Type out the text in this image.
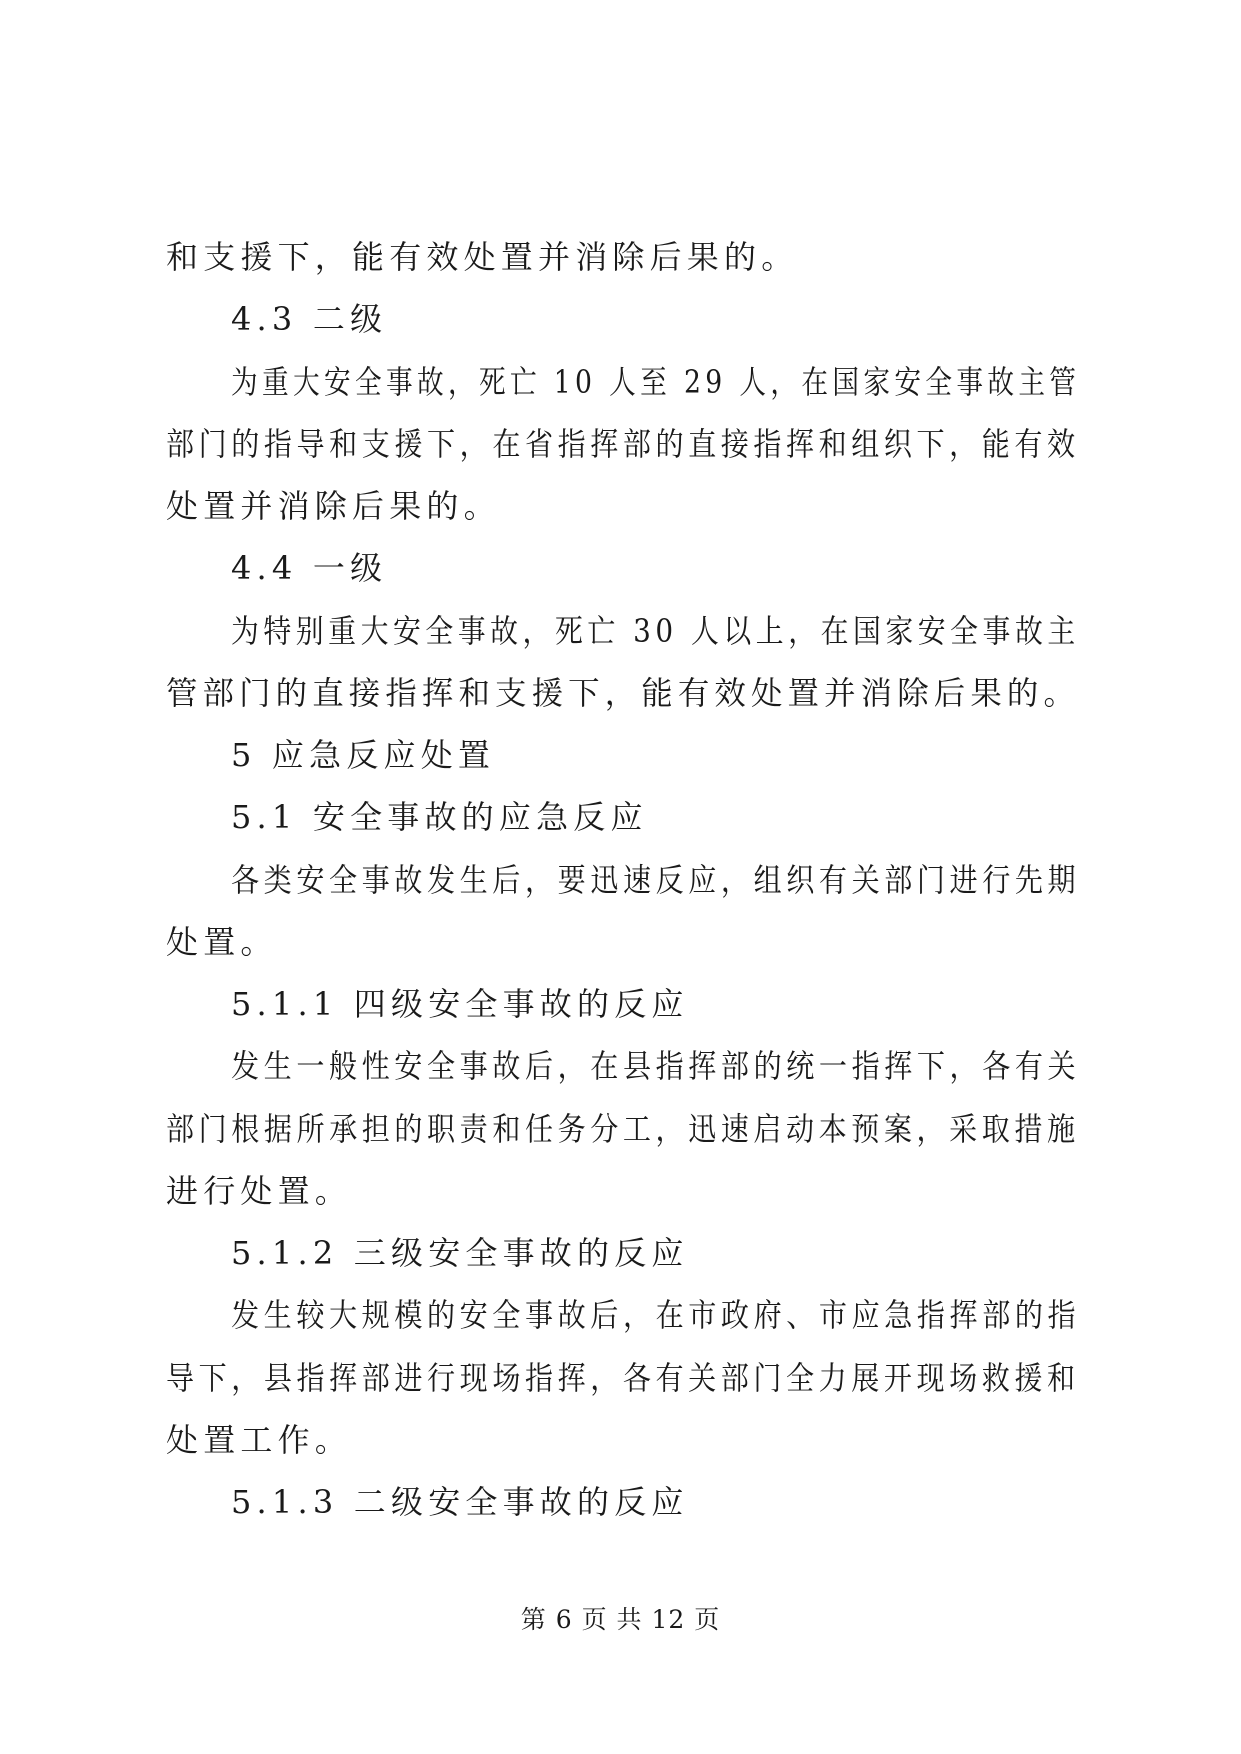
和支援下，能有效处置并消除后果的。
4.3 二级
为重大安全事故，死亡 10 人至 29 人，在国家安全事故主管
部门的指导和支援下，在省指挥部的直接指挥和组织下，能有效
处置并消除后果的。
4.4 一级
为特别重大安全事故，死亡 30 人以上，在国家安全事故主
管部门的直接指挥和支援下，能有效处置并消除后果的。
5 应急反应处置
5.1 安全事故的应急反应
各类安全事故发生后，要迅速反应，组织有关部门进行先期
处置。
5.1.1 四级安全事故的反应
发生一般性安全事故后，在县指挥部的统一指挥下，各有关
部门根据所承担的职责和任务分工，迅速启动本预案，采取措施
进行处置。
5.1.2 三级安全事故的反应
发生较大规模的安全事故后，在市政府、市应急指挥部的指
导下，县指挥部进行现场指挥，各有关部门全力展开现场救援和
处置工作。
5.1.3 二级安全事故的反应
第 6 页 共 12 页
